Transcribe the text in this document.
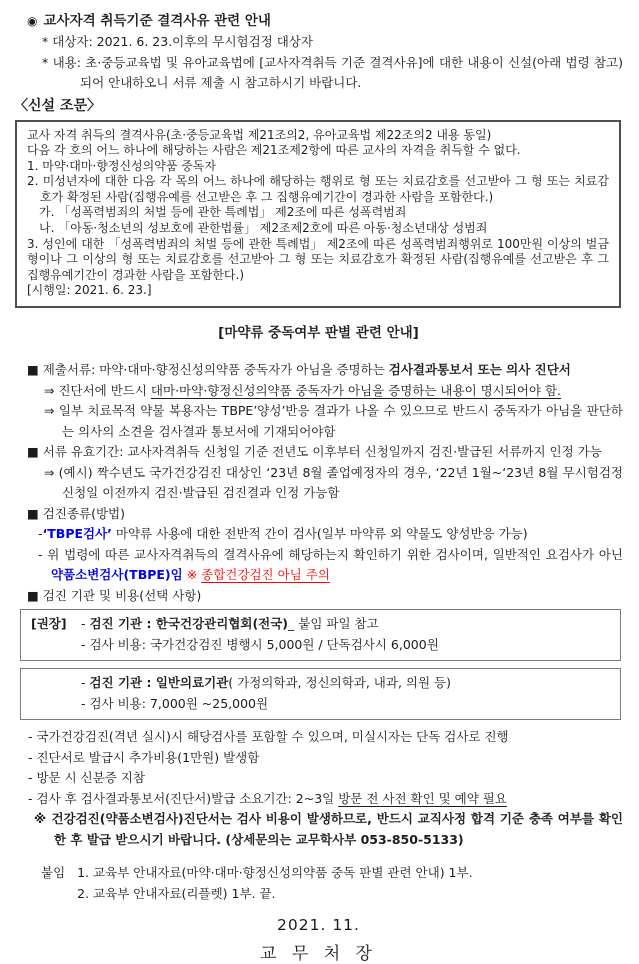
◉ 교사자격 취득기준 결격사유 관련 안내
* 대상자: 2021. 6. 23.이후의 무시험검정 대상자
* 내용: 초·중등교육법 및 유아교육법에 [교사자격취득 기준 결격사유]에 대한 내용이 신설(아래 법령 참고)되어 안내하오니 서류 제출 시 참고하시기 바랍니다.
〈신설 조문〉
교사 자격 취득의 결격사유(초·중등교육법 제21조의2, 유아교육법 제22조의2 내용 동일)
다음 각 호의 어느 하나에 해당하는 사람은 제21조제2항에 따른 교사의 자격을 취득할 수 없다.
1. 마약·대마·향정신성의약품 중독자
2. 미성년자에 대한 다음 각 목의 어느 하나에 해당하는 행위로 형 또는 치료감호를 선고받아 그 형 또는 치료감호가 확정된 사람(집행유예를 선고받은 후 그 집행유예기간이 경과한 사람을 포함한다.)
가. 「성폭력범죄의 처벌 등에 관한 특례법」 제2조에 따른 성폭력범죄
나. 「아동·청소년의 성보호에 관한법률」 제2조제2호에 따른 아동·청소년대상 성범죄
3. 성인에 대한 「성폭력범죄의 처벌 등에 관한 특례법」 제2조에 따른 성폭력범죄행위로 100만원 이상의 벌금형이나 그 이상의 형 또는 치료감호를 선고받아 그 형 또는 치료감호가 확정된 사람(집행유예를 선고받은 후 그 집행유예기간이 경과한 사람을 포함한다.)
[시행일: 2021. 6. 23.]
[마약류 중독여부 판별 관련 안내]
■ 제출서류: 마약·대마·향정신성의약품 중독자가 아님을 증명하는 검사결과통보서 또는 의사 진단서
⇒ 진단서에 반드시 대마·마약·향정신성의약품 중독자가 아님을 증명하는 내용이 명시되어야 함.
⇒ 일부 치료목적 약물 복용자는 TBPE’양성’반응 결과가 나올 수 있으므로 반드시 중독자가 아님을 판단하는 의사의 소견을 검사결과 통보서에 기재되어야함
■ 서류 유효기간: 교사자격취득 신청일 기준 전년도 이후부터 신청일까지 검진·발급된 서류까지 인정 가능
⇒ (예시) 짝수년도 국가건강검진 대상인 ‘23년 8월 졸업예정자의 경우, ‘22년 1월~‘23년 8월 무시험검정 신청일 이전까지 검진·발급된 검진결과 인정 가능함
■ 검진종류(방법)
-‘TBPE검사’ 마약류 사용에 대한 전반적 간이 검사(일부 마약류 외 약물도 양성반응 가능)
- 위 법령에 따른 교사자격취득의 결격사유에 해당하는지 확인하기 위한 검사이며, 일반적인 요검사가 아닌 약품소변검사(TBPE)임 ※ 종합건강검진 아님 주의
■ 검진 기관 및 비용(선택 사항)
[권장]	- 검진 기관 : 한국건강관리협회(전국)_ 붙임 파일 참고
- 검사 비용: 국가건강검진 병행시 5,000원 / 단독검사시 6,000원
- 검진 기관 : 일반의료기관( 가정의학과, 정신의학과, 내과, 의원 등)
- 검사 비용: 7,000원 ~25,000원
- 국가건강검진(격년 실시)시 해당검사를 포함할 수 있으며, 미실시자는 단독 검사로 진행
- 진단서로 발급시 추가비용(1만원) 발생함
- 방문 시 신분증 지참
- 검사 후 검사결과통보서(진단서)발급 소요기간: 2~3일 방문 전 사전 확인 및 예약 필요
※ 건강검진(약품소변검사)진단서는 검사 비용이 발생하므로, 반드시 교직사정 합격 기준 충족 여부를 확인한 후 발급 받으시기 바랍니다. (상세문의는 교무학사부 053-850-5133)
붙임 1. 교육부 안내자료(마약·대마·향정신성의약품 중독 판별 관련 안내) 1부.
2. 교육부 안내자료(리플렛) 1부. 끝.
2021. 11.
교 무 처 장
